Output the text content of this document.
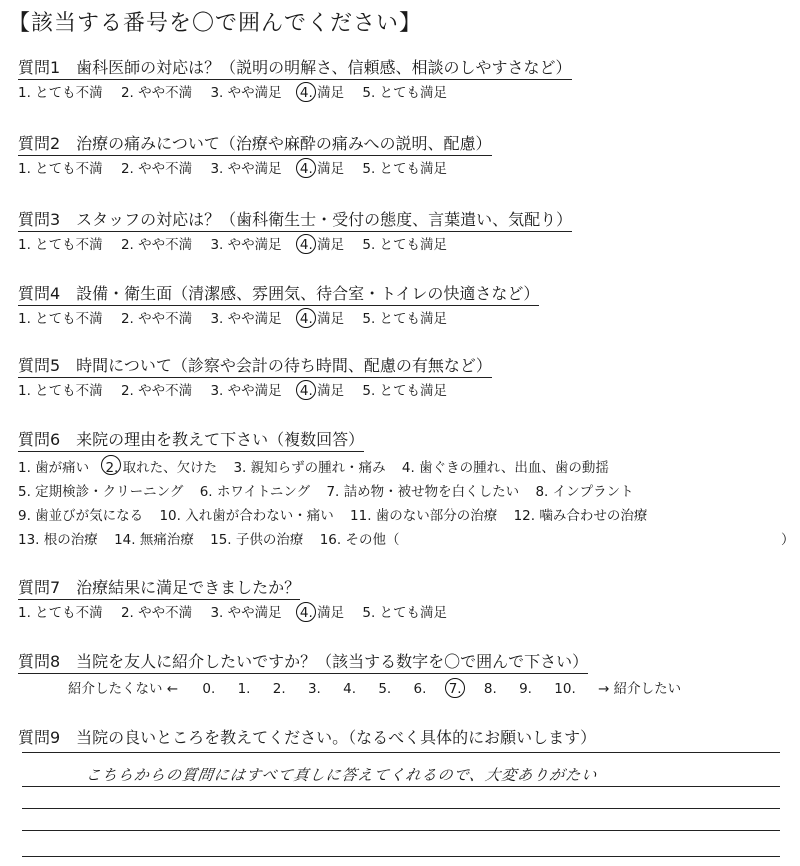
【該当する番号を〇で囲んでください】
質問1　歯科医師の対応は？（説明の明解さ、信頼感、相談のしやすさなど）
1. とても不満 2. やや不満 3. やや満足 4. 満足 5. とても満足
質問2　治療の痛みについて（治療や麻酔の痛みへの説明、配慮）
1. とても不満 2. やや不満 3. やや満足 4. 満足 5. とても満足
質問3　スタッフの対応は？（歯科衛生士・受付の態度、言葉遣い、気配り）
1. とても不満 2. やや不満 3. やや満足 4. 満足 5. とても満足
質問4　設備・衛生面（清潔感、雰囲気、待合室・トイレの快適さなど）
1. とても不満 2. やや不満 3. やや満足 4. 満足 5. とても満足
質問5　時間について（診察や会計の待ち時間、配慮の有無など）
1. とても不満 2. やや不満 3. やや満足 4. 満足 5. とても満足
質問6　来院の理由を教えて下さい（複数回答）
1. 歯が痛い 2. 取れた、欠けた 3. 親知らずの腫れ・痛み 4. 歯ぐきの腫れ、出血、歯の動揺
5. 定期検診・クリーニング 6. ホワイトニング 7. 詰め物・被せ物を白くしたい 8. インプラント
9. 歯並びが気になる 10. 入れ歯が合わない・痛い 11. 歯のない部分の治療 12. 噛み合わせの治療
13. 根の治療 14. 無痛治療 15. 子供の治療 16. その他（	）
質問7　治療結果に満足できましたか？
1. とても不満 2. やや不満 3. やや満足 4. 満足 5. とても満足
質問8　当院を友人に紹介したいですか？（該当する数字を〇で囲んで下さい）
紹介したくない ← 0. 1. 2. 3. 4. 5. 6. 7. 8. 9. 10. → 紹介したい
質問9　当院の良いところを教えてください。（なるべく具体的にお願いします）
こちらからの質問にはすべて真しに答えてくれるので、大変ありがたい
